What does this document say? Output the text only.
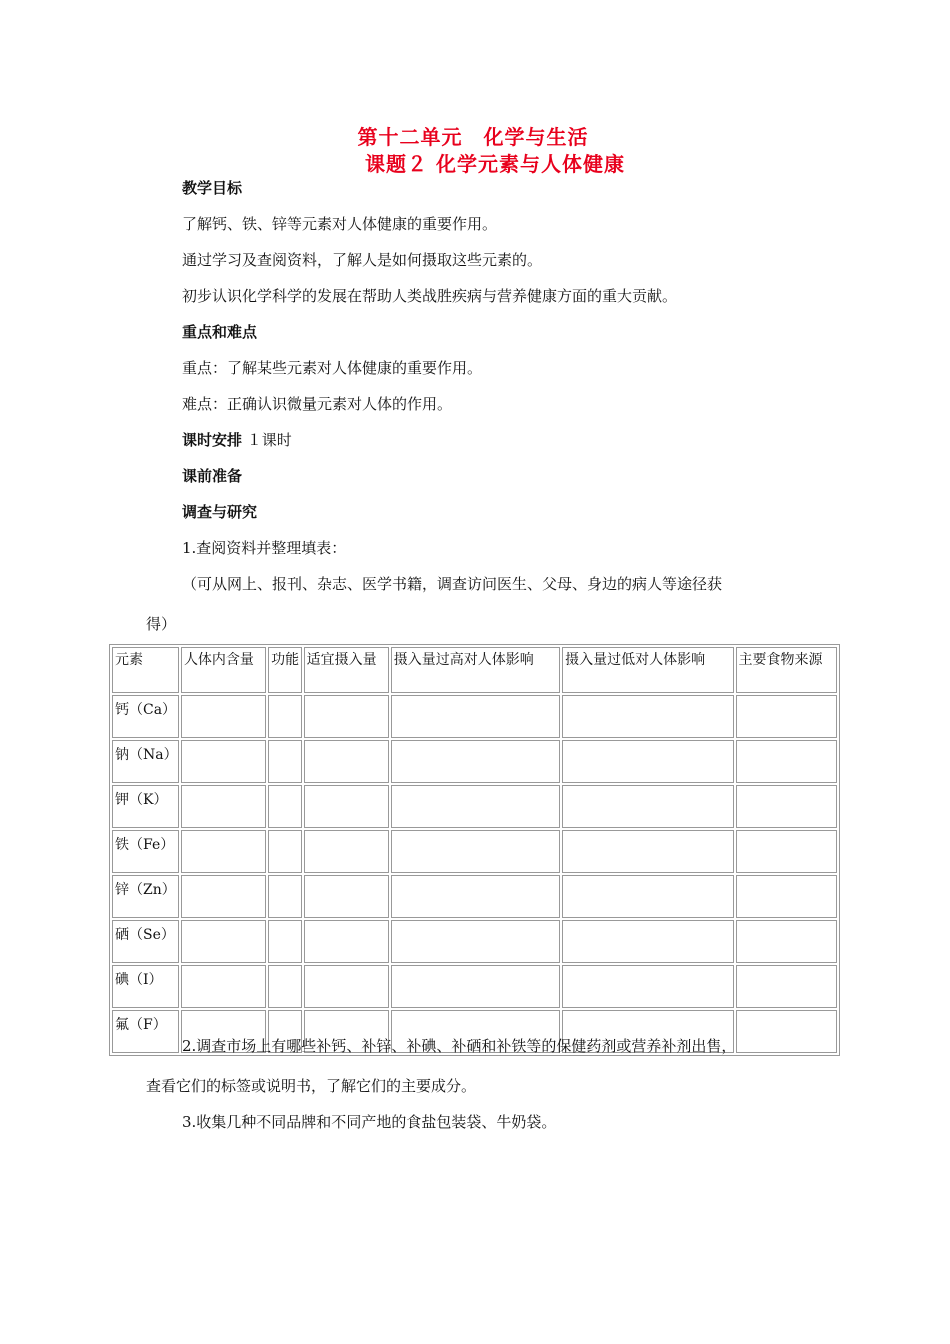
第十二单元　化学与生活
课题２ 化学元素与人体健康
教学目标
了解钙、铁、锌等元素对人体健康的重要作用。
通过学习及查阅资料，了解人是如何摄取这些元素的。
初步认识化学科学的发展在帮助人类战胜疾病与营养健康方面的重大贡献。
重点和难点
重点：了解某些元素对人体健康的重要作用。
难点：正确认识微量元素对人体的作用。
课时安排 １课时
课前准备
调查与研究
1.查阅资料并整理填表：
（可从网上、报刊、杂志、医学书籍，调查访问医生、父母、身边的病人等途径获
得）
元素	人体内含量	功能	适宜摄入量	摄入量过高对人体影响	摄入量过低对人体影响	主要食物来源
钙（Ca）						
钠（Na）						
钾（K）						
铁（Fe）						
锌（Zn）						
硒（Se）						
碘（I）						
氟（F）						
2.调查市场上有哪些补钙、补锌、补碘、补硒和补铁等的保健药剂或营养补剂出售，
查看它们的标签或说明书，了解它们的主要成分。
3.收集几种不同品牌和不同产地的食盐包装袋、牛奶袋。
